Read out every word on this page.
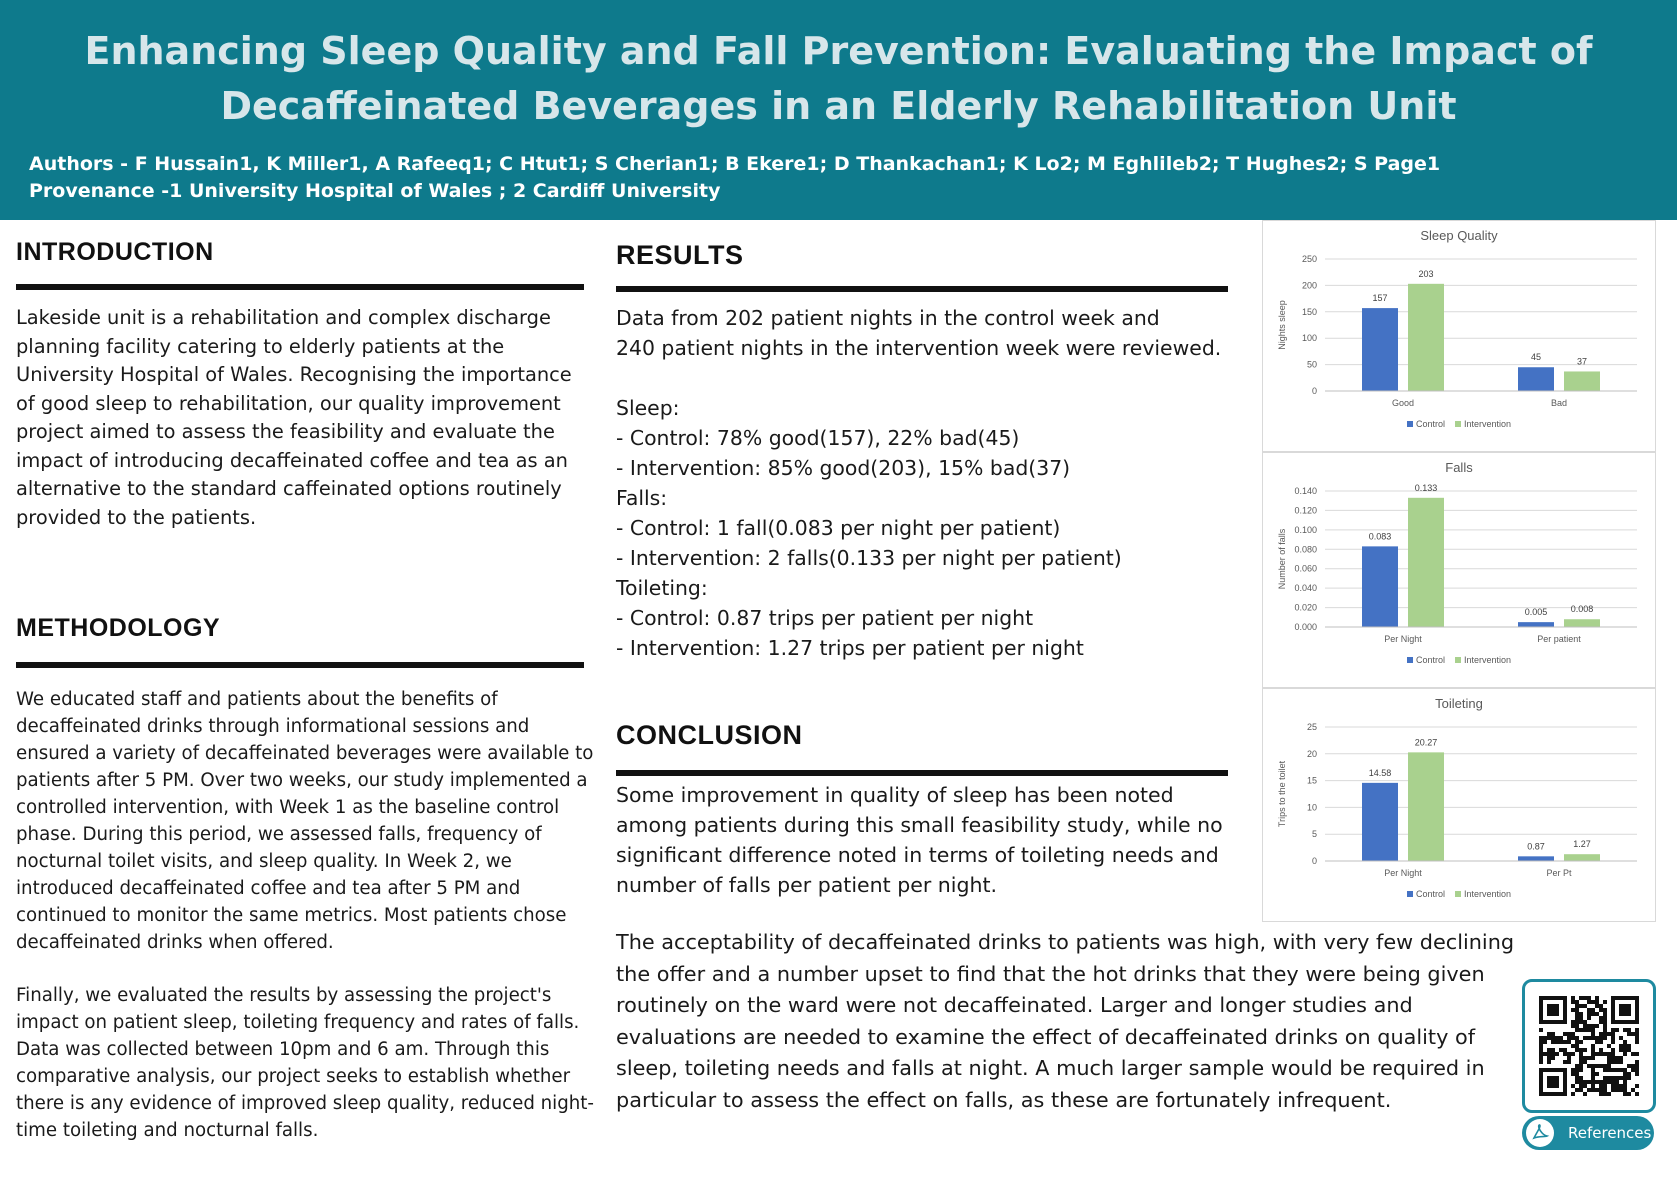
Enhancing Sleep Quality and Fall Prevention: Evaluating the Impact of
Decaffeinated Beverages in an Elderly Rehabilitation Unit

Authors - F Hussain1, K Miller1, A Rafeeq1; C Htut1; S Cherian1; B Ekere1; D Thankachan1; K Lo2; M Eghlileb2; T Hughes2; S Page1

Provenance -1 University Hospital of Wales ; 2 Cardiff University

INTRODUCTION

Lakeside unit is a rehabilitation and complex discharge planning facility catering to elderly patients at the University Hospital of Wales. Recognising the importance of good sleep to rehabilitation, our quality improvement project aimed to assess the feasibility and evaluate the impact of introducing decaffeinated coffee and tea as an alternative to the standard caffeinated options routinely provided to the patients.

METHODOLOGY

We educated staff and patients about the benefits of decaffeinated drinks through informational sessions and ensured a variety of decaffeinated beverages were available to patients after 5 PM. Over two weeks, our study implemented a controlled intervention, with Week 1 as the baseline control phase. During this period, we assessed falls, frequency of nocturnal toilet visits, and sleep quality. In Week 2, we introduced decaffeinated coffee and tea after 5 PM and continued to monitor the same metrics. Most patients chose decaffeinated drinks when offered.

Finally, we evaluated the results by assessing the project's impact on patient sleep, toileting frequency and rates of falls. Data was collected between 10pm and 6 am. Through this comparative analysis, our project seeks to establish whether there is any evidence of improved sleep quality, reduced night-time toileting and nocturnal falls.

RESULTS
Data from 202 patient nights in the control week and
240 patient nights in the intervention week were reviewed.

Sleep:
- Control: 78% good(157), 22% bad(45)
- Intervention: 85% good(203), 15% bad(37)
Falls:
- Control: 1 fall(0.083 per night per patient)
- Intervention: 2 falls(0.133 per night per patient)
Toileting:
- Control: 0.87 trips per patient per night
- Intervention: 1.27 trips per patient per night
CONCLUSION

Some improvement in quality of sleep has been noted among patients during this small feasibility study, while no significant difference noted in terms of toileting needs and number of falls per patient per night.

The acceptability of decaffeinated drinks to patients was high, with very few declining the offer and a number upset to find that the hot drinks that they were being given routinely on the ward were not decaffeinated. Larger and longer studies and evaluations are needed to examine the effect of decaffeinated drinks on quality of sleep, toileting needs and falls at night. A much larger sample would be required in particular to assess the effect on falls, as these are fortunately infrequent.

Sleep Quality
0
50
100
150
200
250
Nights sleep
157
203
Good
45	37
Bad
Control Intervention
Falls
0.000
0.020
0.040
0.060
0.080
0.100
0.120
0.140
Number of falls	0.083
0.133
Per Night
0.005	0.008
Per patient
Control Intervention
Toileting
0
5
10
15
20
25
Trips to the toilet	14.58
20.27
Per Night
0.87	1.27
Per Pt
Control Intervention
References
